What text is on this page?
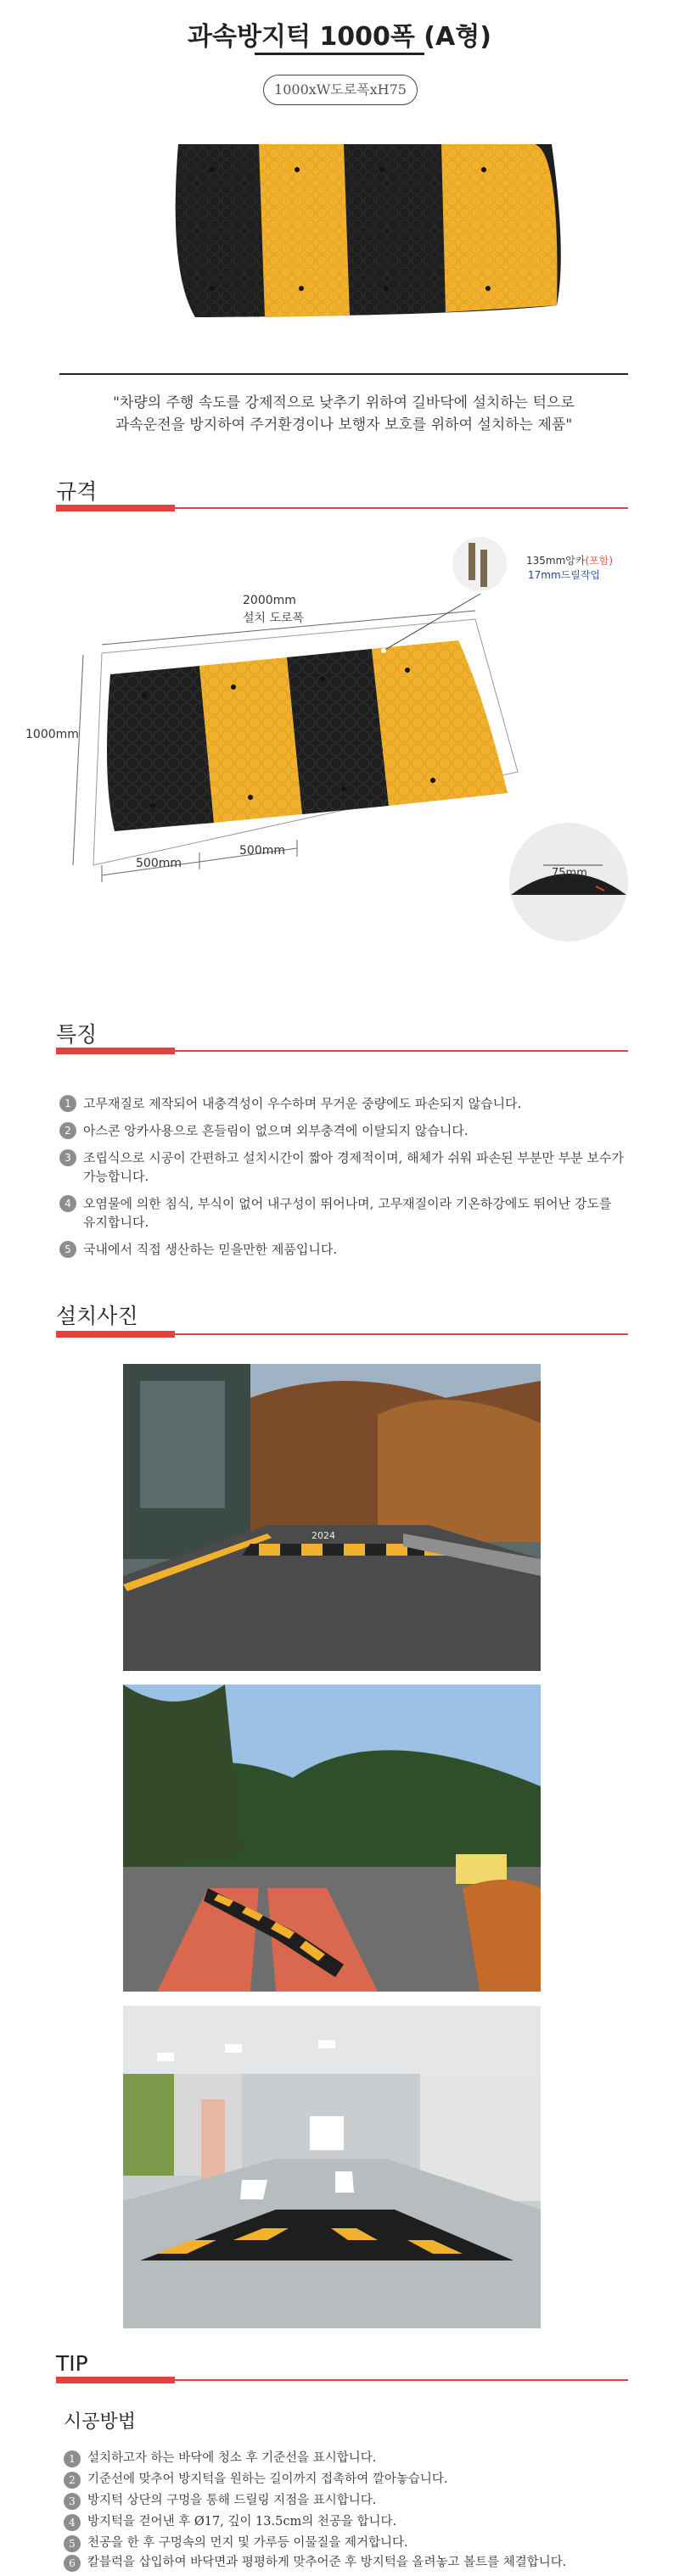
과속방지턱 1000폭 (A형)
1000xW도로폭xH75
"차량의 주행 속도를 강제적으로 낮추기 위하여 길바닥에 설치하는 턱으로
과속운전을 방지하여 주거환경이나 보행자 보호를 위하여 설치하는 제품"
규격
2000mm
설치 도로폭
1000mm
500mm
500mm
135mm앙카(포함)
17mm드릴작업
75mm
특징
1 고무재질로 제작되어 내충격성이 우수하며 무거운 중량에도 파손되지 않습니다.
2 아스콘 앙카사용으로 흔들림이 없으며 외부충격에 이탈되지 않습니다.
3 조립식으로 시공이 간편하고 설치시간이 짧아 경제적이며, 해체가 쉬워 파손된 부분만 부분 보수가 가능합니다.
4 오염물에 의한 침식, 부식이 없어 내구성이 뛰어나며, 고무재질이라 기온하강에도 뛰어난 강도를 유지합니다.
5 국내에서 직접 생산하는 믿을만한 제품입니다.
설치사진
2024
TIP
시공방법
1 설치하고자 하는 바닥에 청소 후 기준선을 표시합니다.
2 기준선에 맞추어 방지턱을 원하는 길이까지 접촉하여 깔아놓습니다.
3 방지턱 상단의 구멍을 통해 드릴링 지점을 표시합니다.
4 방지턱을 걷어낸 후 Ø17, 깊이 13.5cm의 천공을 합니다.
5 천공을 한 후 구멍속의 먼지 및 가루등 이물질을 제거합니다.
6 칼블럭을 삽입하여 바닥면과 평평하게 맞추어준 후 방지턱을 올려놓고 볼트를 체결합니다.
